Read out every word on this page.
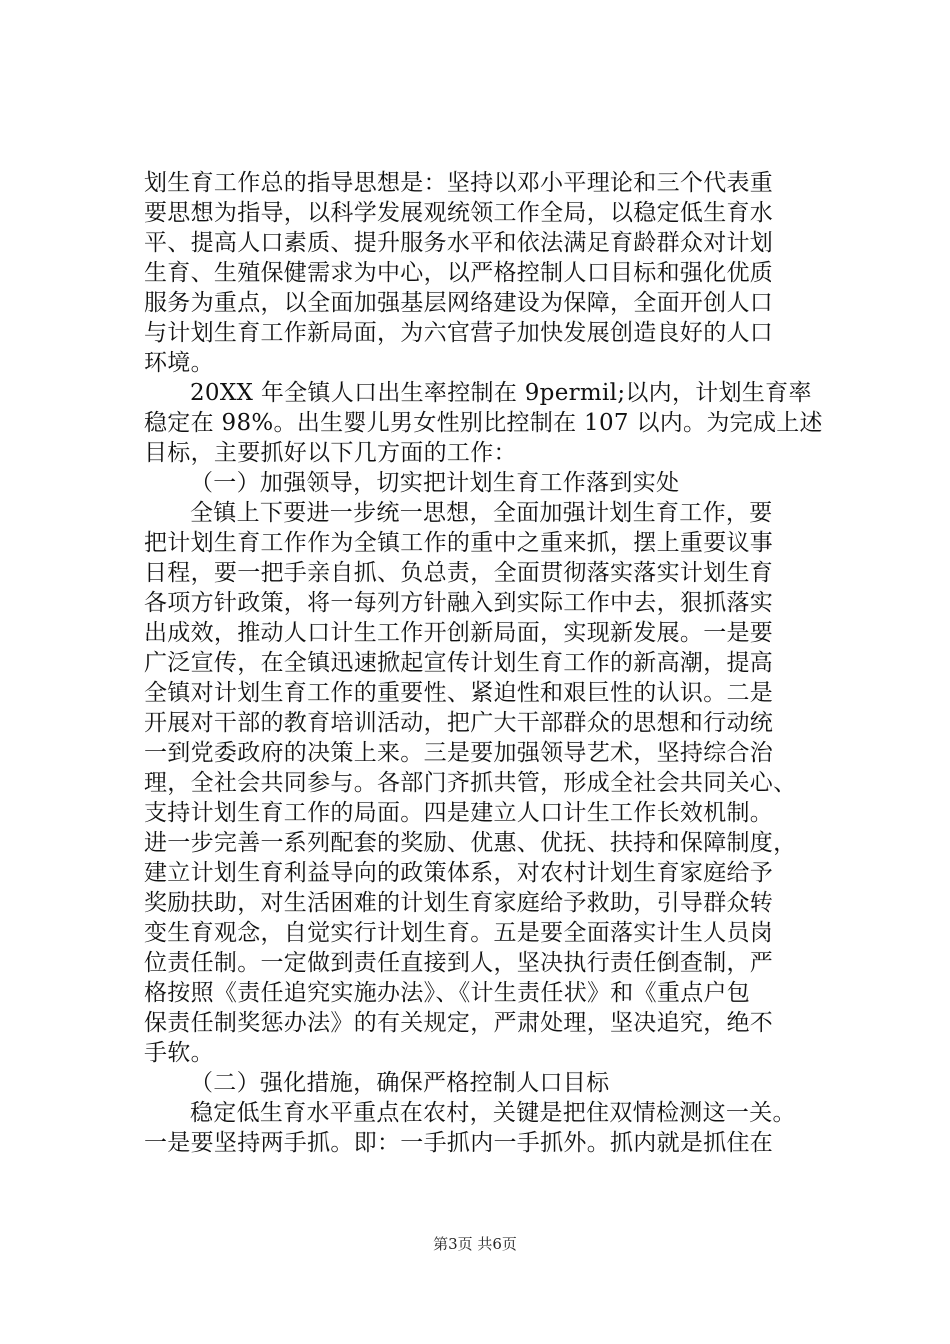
划生育工作总的指导思想是：坚持以邓小平理论和三个代表重
要思想为指导，以科学发展观统领工作全局，以稳定低生育水
平、提高人口素质、提升服务水平和依法满足育龄群众对计划
生育、生殖保健需求为中心，以严格控制人口目标和强化优质
服务为重点，以全面加强基层网络建设为保障，全面开创人口
与计划生育工作新局面，为六官营子加快发展创造良好的人口
环境。
20XX 年全镇人口出生率控制在 9permil;以内，计划生育率
稳定在 98%。出生婴儿男女性别比控制在 107 以内。为完成上述
目标，主要抓好以下几方面的工作：
（一）加强领导，切实把计划生育工作落到实处
全镇上下要进一步统一思想，全面加强计划生育工作，要
把计划生育工作作为全镇工作的重中之重来抓，摆上重要议事
日程，要一把手亲自抓、负总责，全面贯彻落实落实计划生育
各项方针政策，将一每列方针融入到实际工作中去，狠抓落实
出成效，推动人口计生工作开创新局面，实现新发展。一是要
广泛宣传，在全镇迅速掀起宣传计划生育工作的新高潮，提高
全镇对计划生育工作的重要性、紧迫性和艰巨性的认识。二是
开展对干部的教育培训活动，把广大干部群众的思想和行动统
一到党委政府的决策上来。三是要加强领导艺术，坚持综合治
理，全社会共同参与。各部门齐抓共管，形成全社会共同关心、
支持计划生育工作的局面。四是建立人口计生工作长效机制。
进一步完善一系列配套的奖励、优惠、优抚、扶持和保障制度，
建立计划生育利益导向的政策体系，对农村计划生育家庭给予
奖励扶助，对生活困难的计划生育家庭给予救助，引导群众转
变生育观念，自觉实行计划生育。五是要全面落实计生人员岗
位责任制。一定做到责任直接到人，坚决执行责任倒查制，严
格按照《责任追究实施办法》、《计生责任状》和《重点户包
保责任制奖惩办法》的有关规定，严肃处理，坚决追究，绝不
手软。
（二）强化措施，确保严格控制人口目标
稳定低生育水平重点在农村，关键是把住双情检测这一关。
一是要坚持两手抓。即：一手抓内一手抓外。抓内就是抓住在
第3页 共6页
